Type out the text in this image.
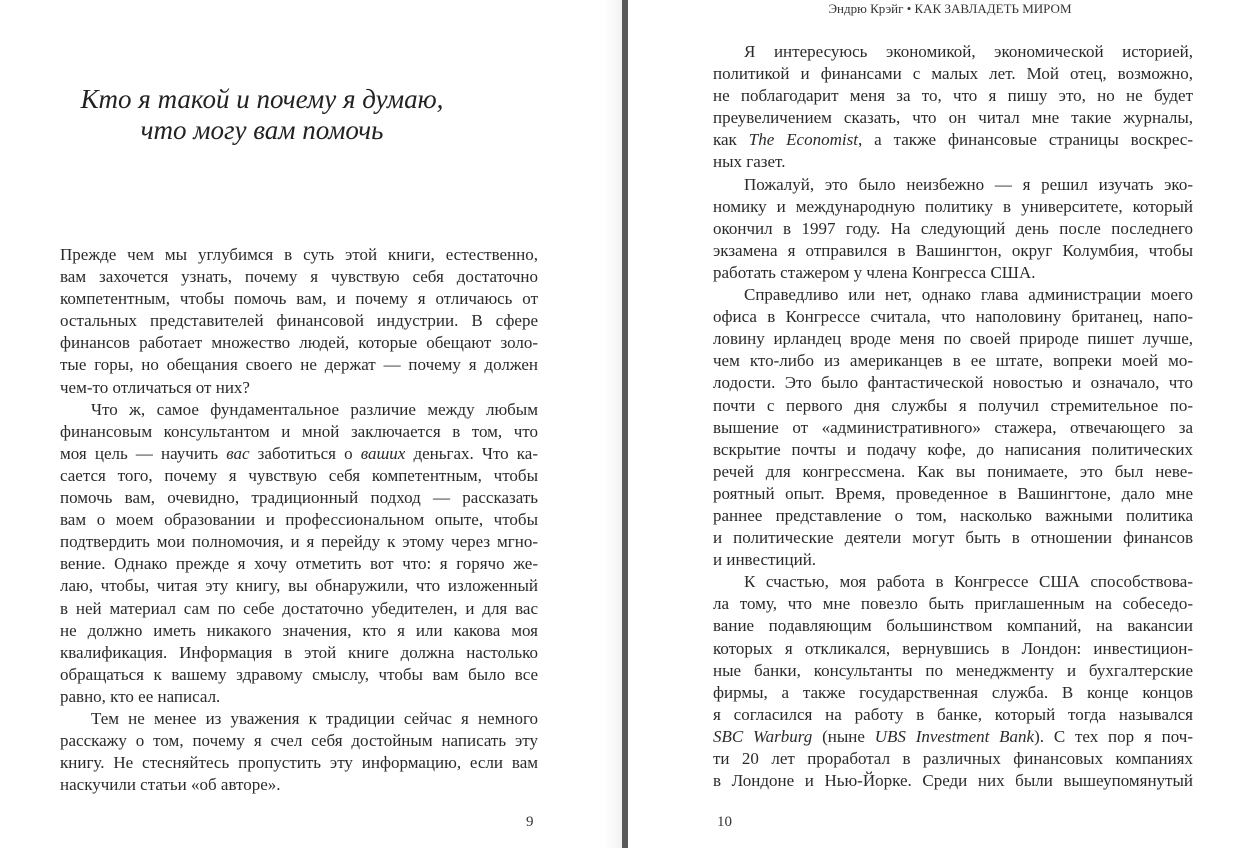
Кто я такой и почему я думаю,
что могу вам помочь
Прежде чем мы углубимся в суть этой книги, естественно,
вам захочется узнать, почему я чувствую себя достаточно
компетентным, чтобы помочь вам, и почему я отличаюсь от
остальных представителей финансовой индустрии. В сфере
финансов работает множество людей, которые обещают золо-
тые горы, но обещания своего не держат — почему я должен
чем-то отличаться от них?
Что ж, самое фундаментальное различие между любым
финансовым консультантом и мной заключается в том, что
моя цель — научить вас заботиться о ваших деньгах. Что ка-
сается того, почему я чувствую себя компетентным, чтобы
помочь вам, очевидно, традиционный подход — рассказать
вам о моем образовании и профессиональном опыте, чтобы
подтвердить мои полномочия, и я перейду к этому через мгно-
вение. Однако прежде я хочу отметить вот что: я горячо же-
лаю, чтобы, читая эту книгу, вы обнаружили, что изложенный
в ней материал сам по себе достаточно убедителен, и для вас
не должно иметь никакого значения, кто я или какова моя
квалификация. Информация в этой книге должна настолько
обращаться к вашему здравому смыслу, чтобы вам было все
равно, кто ее написал.
Тем не менее из уважения к традиции сейчас я немного
расскажу о том, почему я счел себя достойным написать эту
книгу. Не стесняйтесь пропустить эту информацию, если вам
наскучили статьи «об авторе».
9
Эндрю Крэйг • КАК ЗАВЛАДЕТЬ МИРОМ
Я интересуюсь экономикой, экономической историей,
политикой и финансами с малых лет. Мой отец, возможно,
не поблагодарит меня за то, что я пишу это, но не будет
преувеличением сказать, что он читал мне такие журналы,
как The Economist, а также финансовые страницы воскрес-
ных газет.
Пожалуй, это было неизбежно — я решил изучать эко-
номику и международную политику в университете, который
окончил в 1997 году. На следующий день после последнего
экзамена я отправился в Вашингтон, округ Колумбия, чтобы
работать стажером у члена Конгресса США.
Справедливо или нет, однако глава администрации моего
офиса в Конгрессе считала, что наполовину британец, напо-
ловину ирландец вроде меня по своей природе пишет лучше,
чем кто-либо из американцев в ее штате, вопреки моей мо-
лодости. Это было фантастической новостью и означало, что
почти с первого дня службы я получил стремительное по-
вышение от «административного» стажера, отвечающего за
вскрытие почты и подачу кофе, до написания политических
речей для конгрессмена. Как вы понимаете, это был неве-
роятный опыт. Время, проведенное в Вашингтоне, дало мне
раннее представление о том, насколько важными политика
и политические деятели могут быть в отношении финансов
и инвестиций.
К счастью, моя работа в Конгрессе США способствова-
ла тому, что мне повезло быть приглашенным на собеседо-
вание подавляющим большинством компаний, на вакансии
которых я откликался, вернувшись в Лондон: инвестицион-
ные банки, консультанты по менеджменту и бухгалтерские
фирмы, а также государственная служба. В конце концов
я согласился на работу в банке, который тогда назывался
SBC Warburg (ныне UBS Investment Bank). С тех пор я поч-
ти 20 лет проработал в различных финансовых компаниях
в Лондоне и Нью-Йорке. Среди них были вышеупомянутый
10
